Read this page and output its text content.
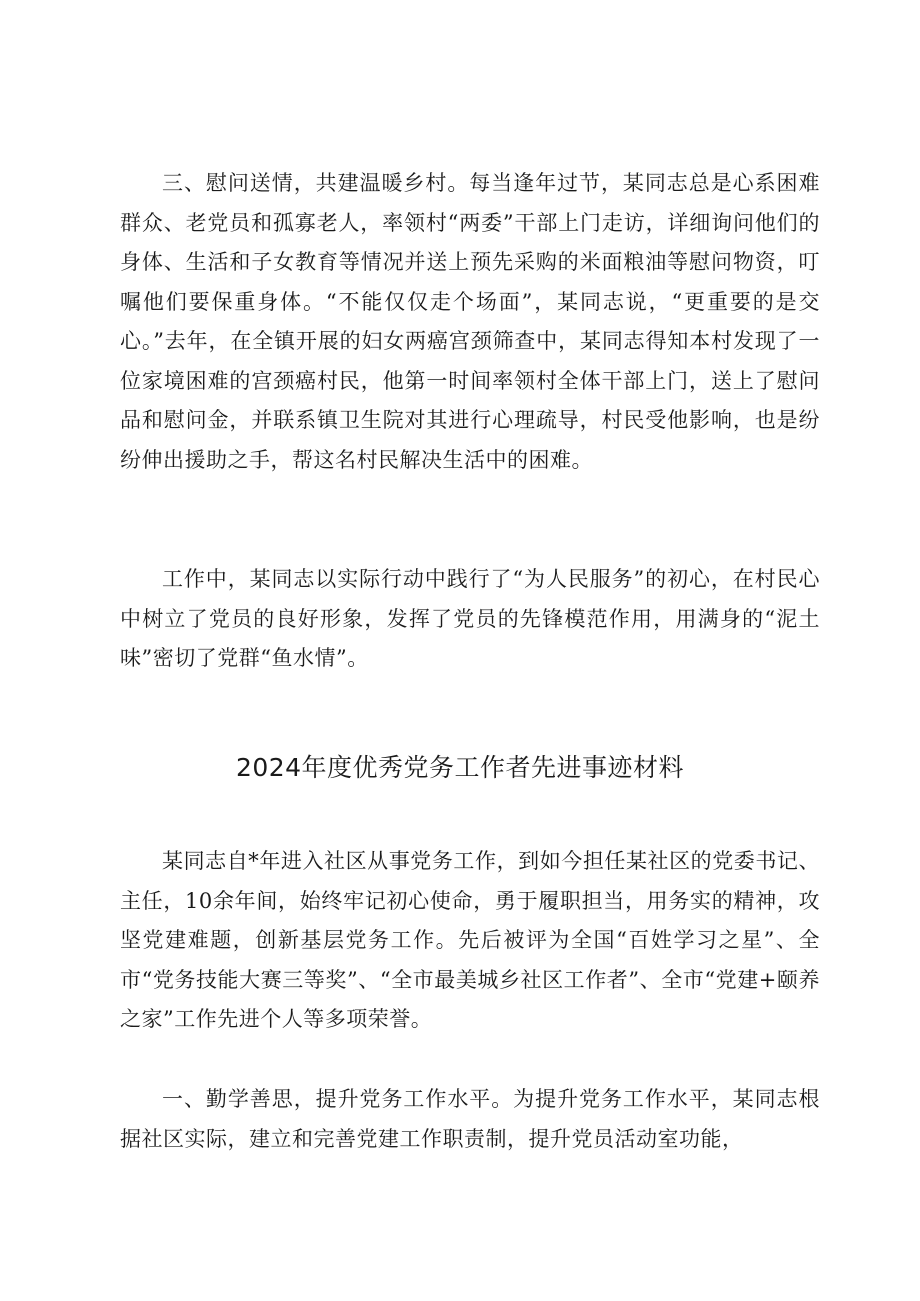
三、慰问送情，共建温暖乡村。每当逢年过节，某同志总是心系困难群众、老党员和孤寡老人，率领村“两委”干部上门走访，详细询问他们的身体、生活和子女教育等情况并送上预先采购的米面粮油等慰问物资，叮嘱他们要保重身体。“不能仅仅走个场面”，某同志说，“更重要的是交心。”去年，在全镇开展的妇女两癌宫颈筛查中，某同志得知本村发现了一位家境困难的宫颈癌村民，他第一时间率领村全体干部上门，送上了慰问品和慰问金，并联系镇卫生院对其进行心理疏导，村民受他影响，也是纷纷伸出援助之手，帮这名村民解决生活中的困难。

工作中，某同志以实际行动中践行了“为人民服务”的初心，在村民心中树立了党员的良好形象，发挥了党员的先锋模范作用，用满身的“泥土味”密切了党群“鱼水情”。

2024年度优秀党务工作者先进事迹材料

某同志自*年进入社区从事党务工作，到如今担任某社区的党委书记、主任，10余年间，始终牢记初心使命，勇于履职担当，用务实的精神，攻坚党建难题，创新基层党务工作。先后被评为全国“百姓学习之星”、全市“党务技能大赛三等奖”、“全市最美城乡社区工作者”、全市“党建+颐养之家”工作先进个人等多项荣誉。

一、勤学善思，提升党务工作水平。为提升党务工作水平，某同志根据社区实际，建立和完善党建工作职责制，提升党员活动室功能，
